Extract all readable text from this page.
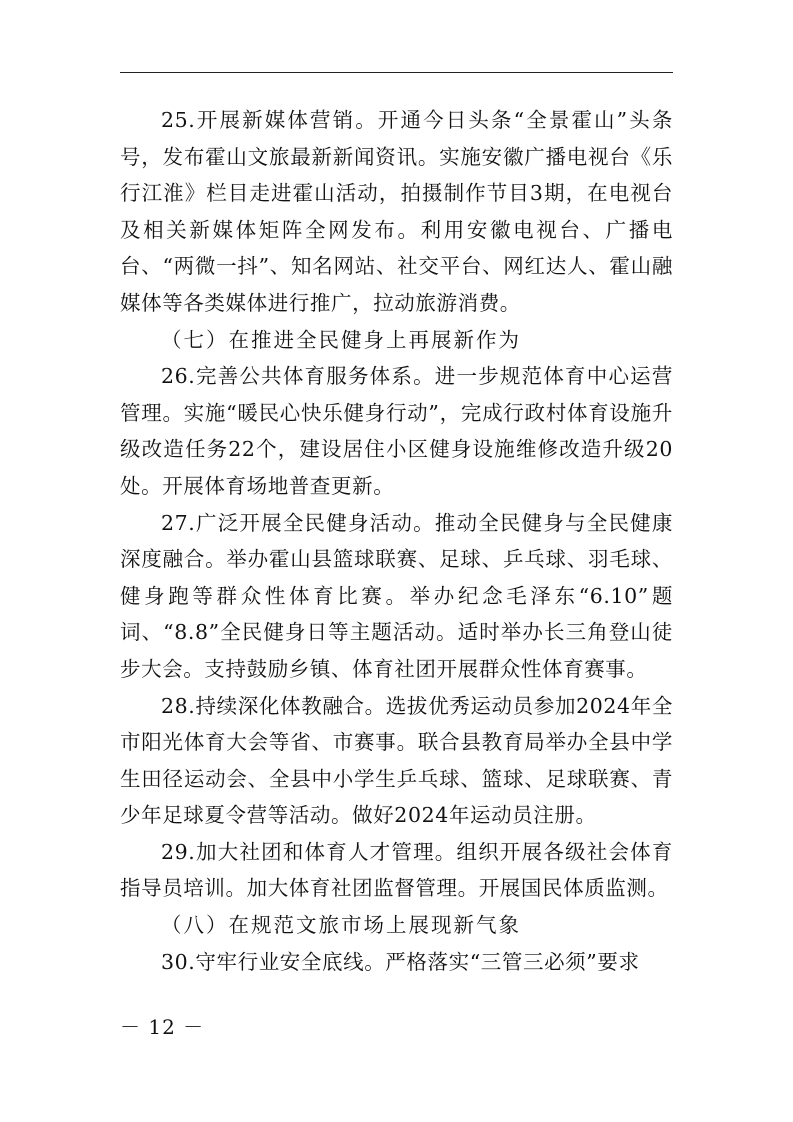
25.开展新媒体营销。开通今日头条“全景霍山”头条号，发布霍山文旅最新新闻资讯。实施安徽广播电视台《乐行江淮》栏目走进霍山活动，拍摄制作节目3期，在电视台及相关新媒体矩阵全网发布。利用安徽电视台、广播电台、“两微一抖”、知名网站、社交平台、网红达人、霍山融媒体等各类媒体进行推广，拉动旅游消费。

（七）在推进全民健身上再展新作为

26.完善公共体育服务体系。进一步规范体育中心运营管理。实施“暖民心快乐健身行动”，完成行政村体育设施升级改造任务22个，建设居住小区健身设施维修改造升级20处。开展体育场地普查更新。

27.广泛开展全民健身活动。推动全民健身与全民健康深度融合。举办霍山县篮球联赛、足球、乒乓球、羽毛球、健身跑等群众性体育比赛。举办纪念毛泽东“6.10”题词、“8.8”全民健身日等主题活动。适时举办长三角登山徒步大会。支持鼓励乡镇、体育社团开展群众性体育赛事。

28.持续深化体教融合。选拔优秀运动员参加2024年全市阳光体育大会等省、市赛事。联合县教育局举办全县中学生田径运动会、全县中小学生乒乓球、篮球、足球联赛、青少年足球夏令营等活动。做好2024年运动员注册。

29.加大社团和体育人才管理。组织开展各级社会体育指导员培训。加大体育社团监督管理。开展国民体质监测。

（八）在规范文旅市场上展现新气象

30.守牢行业安全底线。严格落实“三管三必须”要求

－ 12 －
